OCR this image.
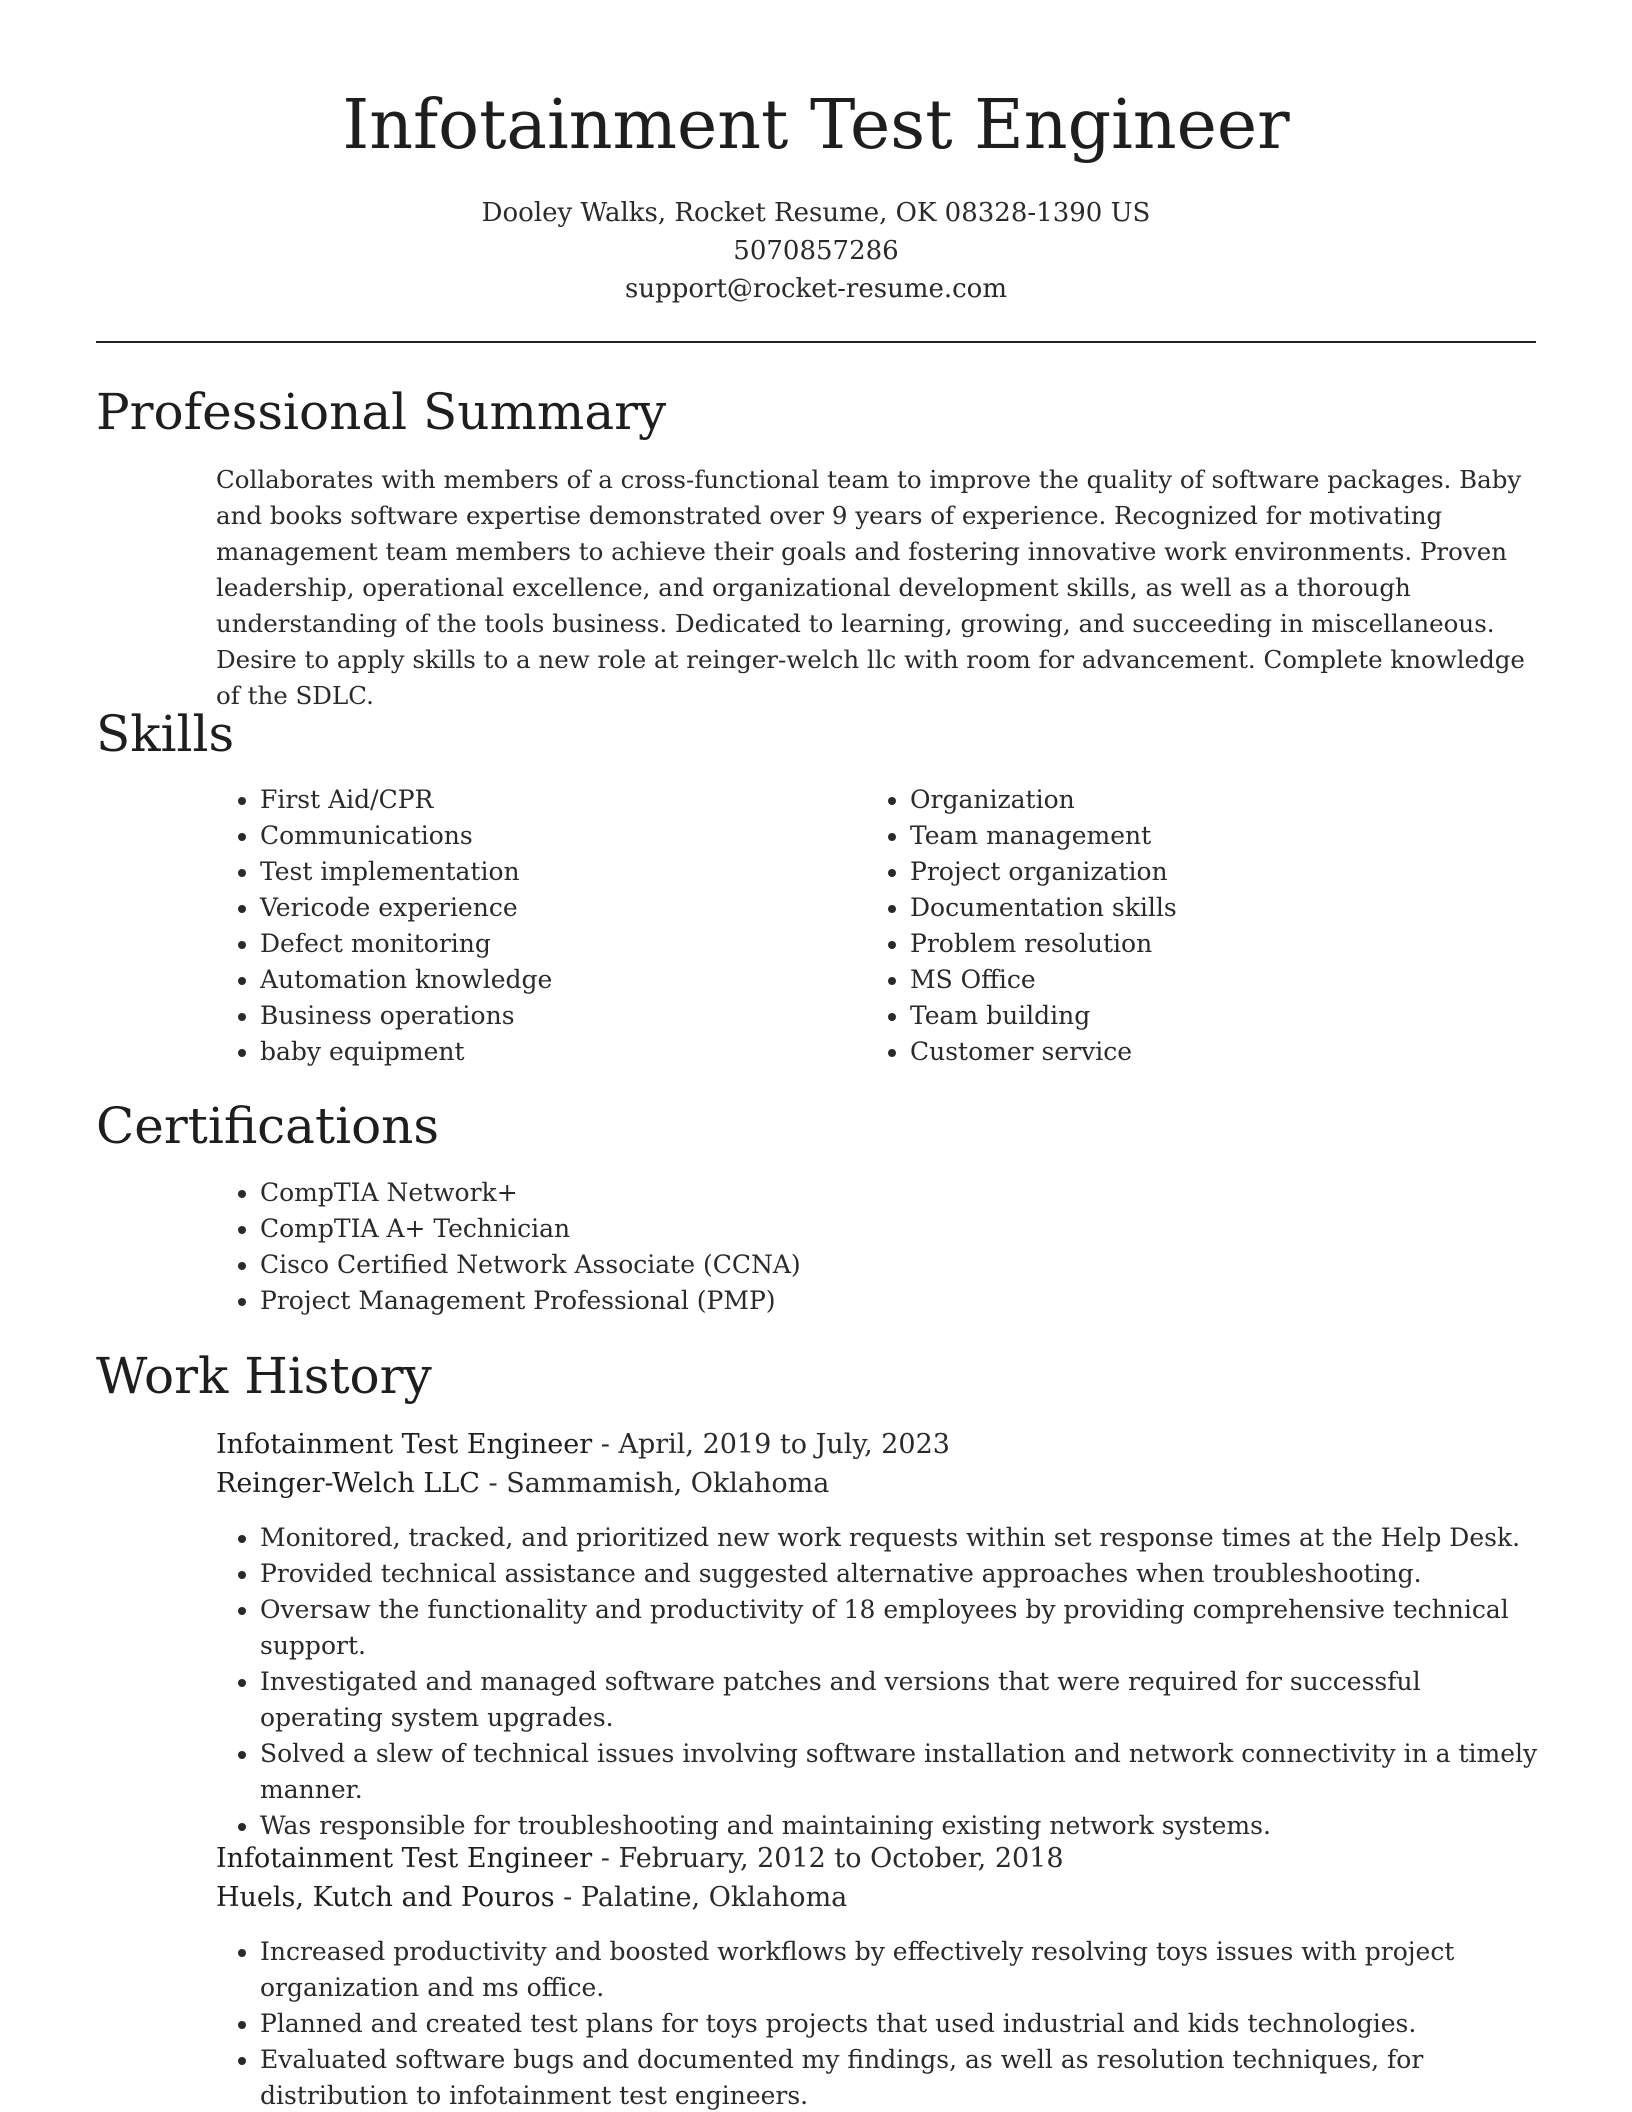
Infotainment Test Engineer
Dooley Walks, Rocket Resume, OK 08328-1390 US
5070857286
support@rocket-resume.com
Professional Summary
Collaborates with members of a cross-functional team to improve the quality of software packages. Baby and books software expertise demonstrated over 9 years of experience. Recognized for motivating management team members to achieve their goals and fostering innovative work environments. Proven leadership, operational excellence, and organizational development skills, as well as a thorough understanding of the tools business. Dedicated to learning, growing, and succeeding in miscellaneous. Desire to apply skills to a new role at reinger-welch llc with room for advancement. Complete knowledge of the SDLC.
Skills
• First Aid/CPR
• Communications
• Test implementation
• Vericode experience
• Defect monitoring
• Automation knowledge
• Business operations
• baby equipment
• Organization
• Team management
• Project organization
• Documentation skills
• Problem resolution
• MS Office
• Team building
• Customer service
Certifications
• CompTIA Network+
• CompTIA A+ Technician
• Cisco Certified Network Associate (CCNA)
• Project Management Professional (PMP)
Work History
Infotainment Test Engineer - April, 2019 to July, 2023
Reinger-Welch LLC - Sammamish, Oklahoma
• Monitored, tracked, and prioritized new work requests within set response times at the Help Desk.
• Provided technical assistance and suggested alternative approaches when troubleshooting.
• Oversaw the functionality and productivity of 18 employees by providing comprehensive technical support.
• Investigated and managed software patches and versions that were required for successful operating system upgrades.
• Solved a slew of technical issues involving software installation and network connectivity in a timely manner.
• Was responsible for troubleshooting and maintaining existing network systems.
Infotainment Test Engineer - February, 2012 to October, 2018
Huels, Kutch and Pouros - Palatine, Oklahoma
• Increased productivity and boosted workflows by effectively resolving toys issues with project organization and ms office.
• Planned and created test plans for toys projects that used industrial and kids technologies.
• Evaluated software bugs and documented my findings, as well as resolution techniques, for distribution to infotainment test engineers.
